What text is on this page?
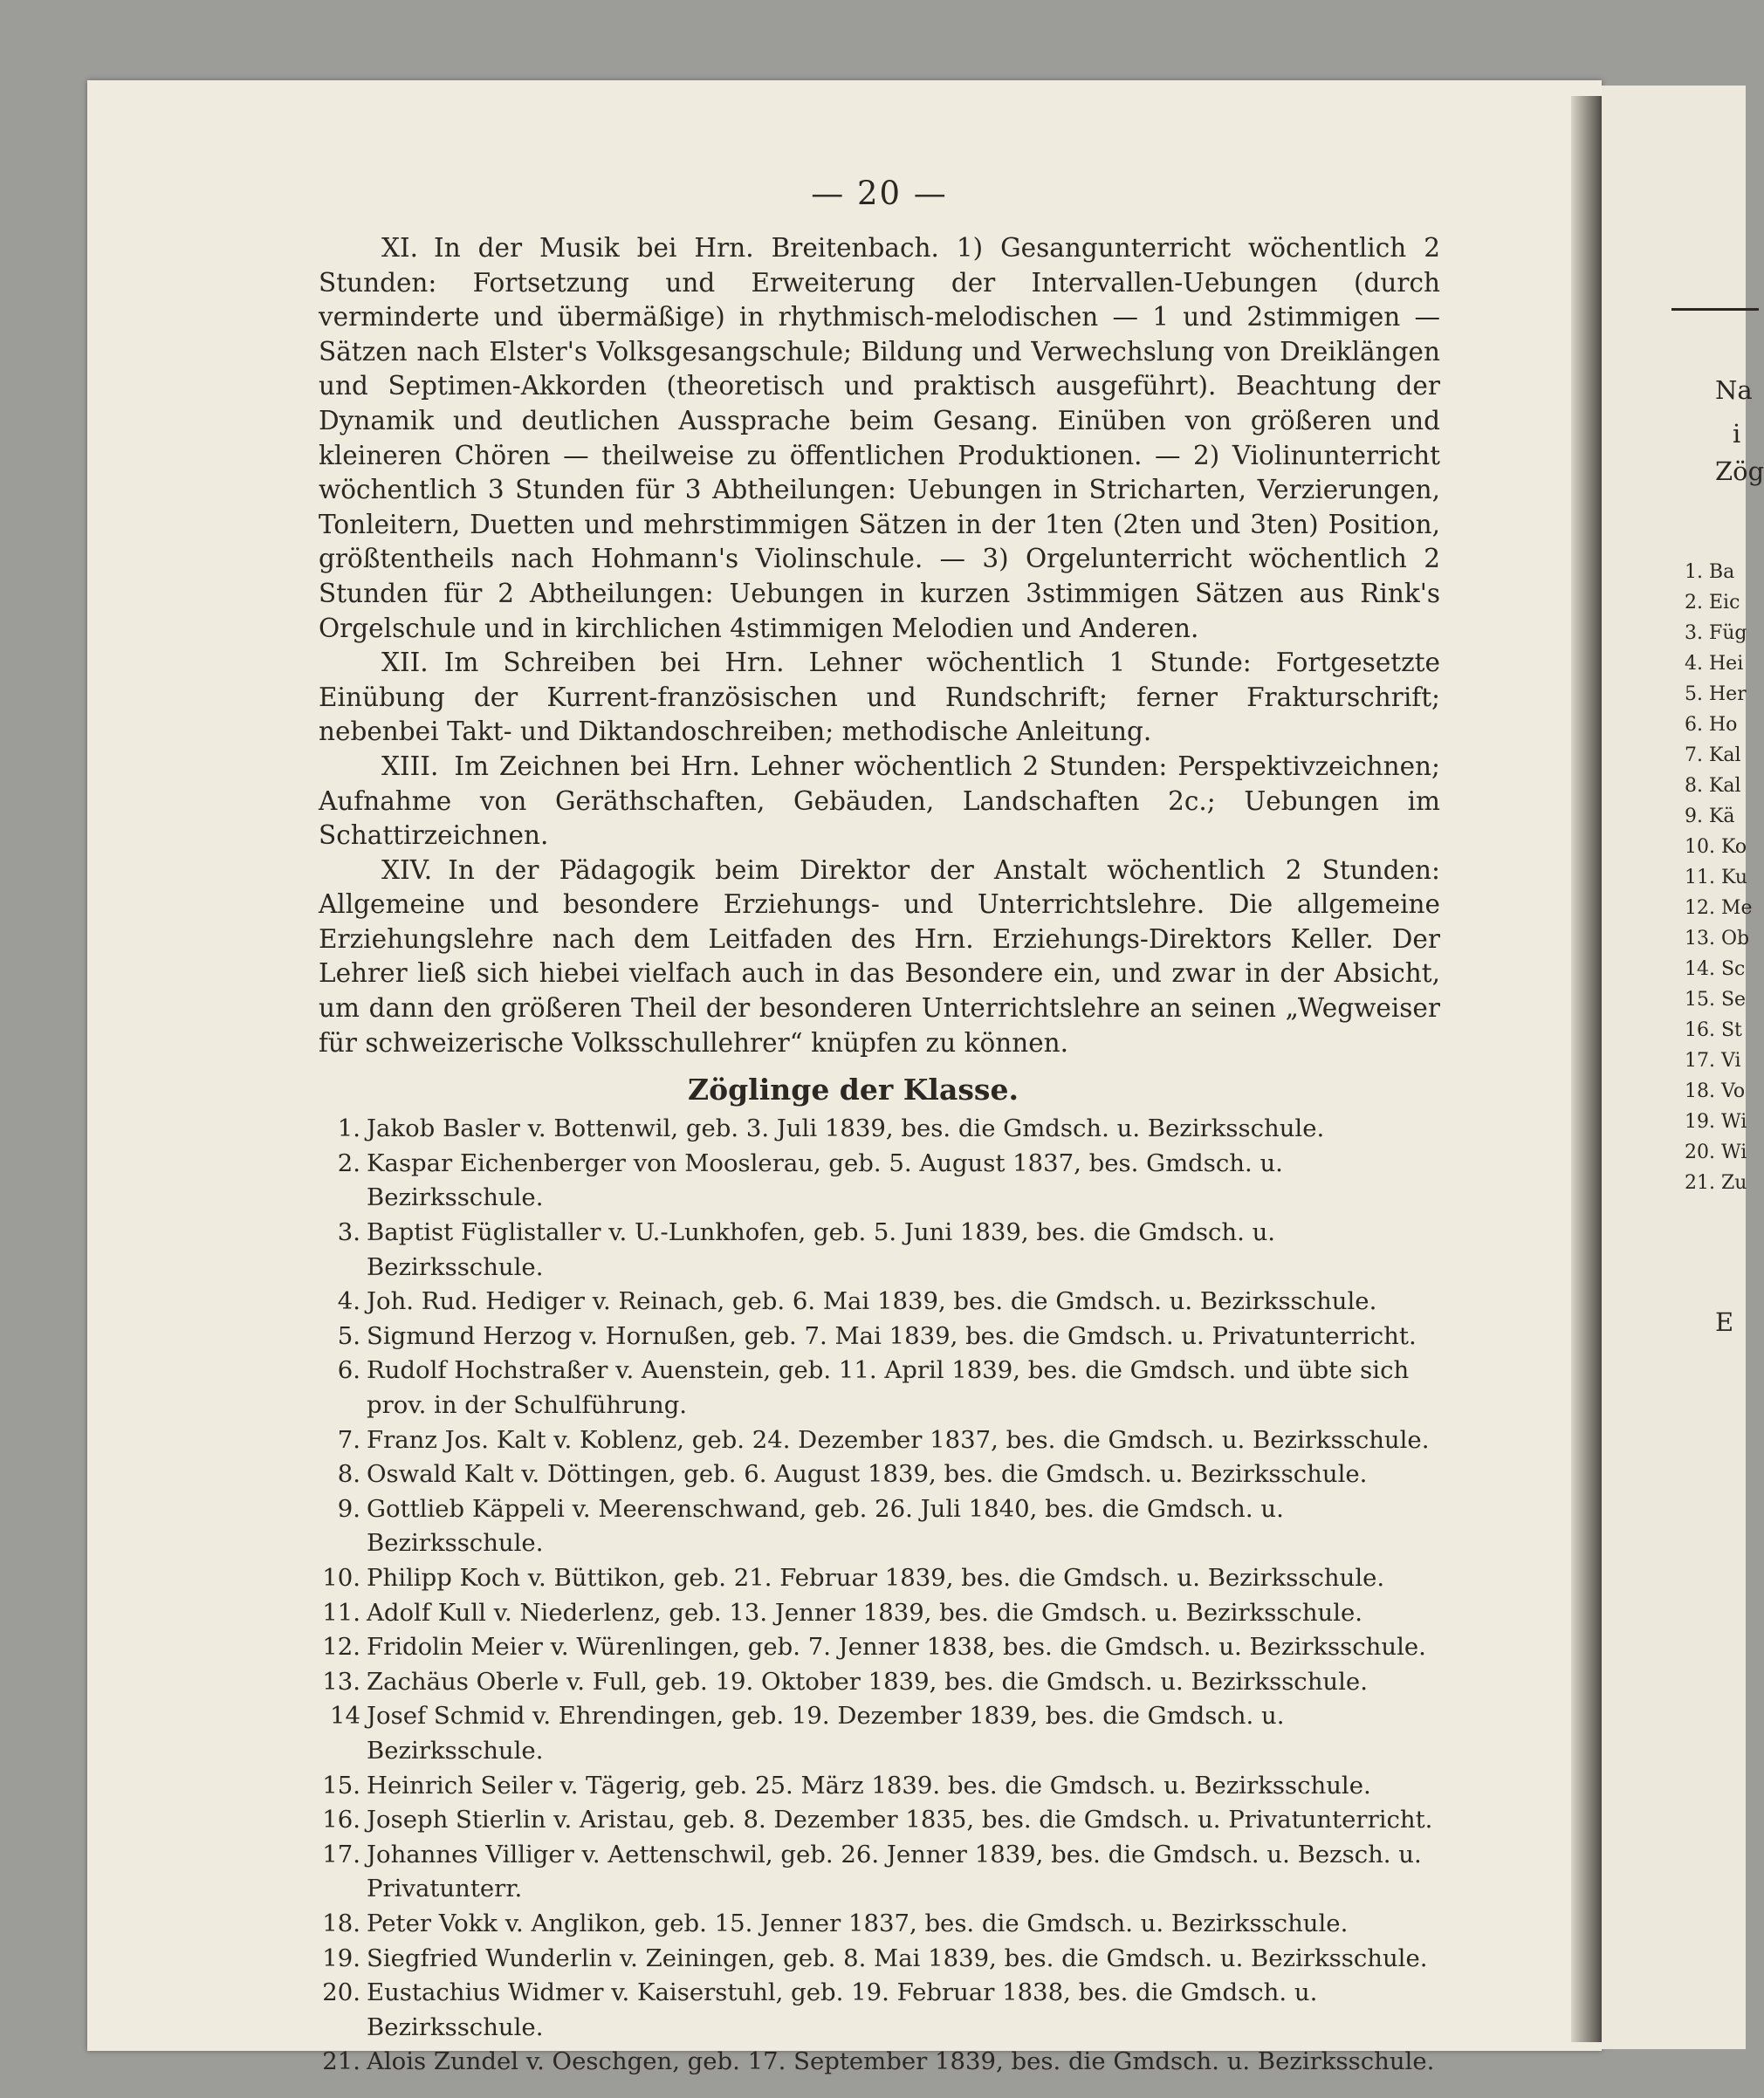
Na
i
Zög
1. Ba
2. Eic
3. Füg
4. Hei
5. Her
6. Ho
7. Kal
8. Kal
9. Kä
10. Ko
11. Ku
12. Me
13. Ob
14. Sc
15. Se
16. St
17. Vi
18. Vo
19. Wi
20. Wi
21. Zu
E
— 20 —

XI. In der Musik bei Hrn. Breitenbach. 1) Gesangunterricht wöchentlich 2 Stunden: Fortsetzung und Erweiterung der Intervallen-Uebungen (durch verminderte und übermäßige) in rhythmisch-melodischen — 1 und 2stimmigen — Sätzen nach Elster's Volksgesangschule; Bildung und Verwechslung von Dreiklängen und Septimen-Akkorden (theoretisch und praktisch ausgeführt). Beachtung der Dynamik und deutlichen Aussprache beim Gesang. Einüben von größeren und kleineren Chören — theilweise zu öffentlichen Produktionen. — 2) Violinunterricht wöchentlich 3 Stunden für 3 Abtheilungen: Uebungen in Stricharten, Verzierungen, Tonleitern, Duetten und mehrstimmigen Sätzen in der 1ten (2ten und 3ten) Position, größtentheils nach Hohmann's Violinschule. — 3) Orgelunterricht wöchentlich 2 Stunden für 2 Abtheilungen: Uebungen in kurzen 3stimmigen Sätzen aus Rink's Orgelschule und in kirchlichen 4stimmigen Melodien und Anderen.

XII. Im Schreiben bei Hrn. Lehner wöchentlich 1 Stunde: Fortgesetzte Einübung der Kurrent-französischen und Rundschrift; ferner Frakturschrift; nebenbei Takt- und Diktandoschreiben; methodische Anleitung.

XIII. Im Zeichnen bei Hrn. Lehner wöchentlich 2 Stunden: Perspektivzeichnen; Aufnahme von Geräthschaften, Gebäuden, Landschaften 2c.; Uebungen im Schattirzeichnen.

XIV. In der Pädagogik beim Direktor der Anstalt wöchentlich 2 Stunden: Allgemeine und besondere Erziehungs- und Unterrichtslehre. Die allgemeine Erziehungslehre nach dem Leitfaden des Hrn. Erziehungs-Direktors Keller. Der Lehrer ließ sich hiebei vielfach auch in das Besondere ein, und zwar in der Absicht, um dann den größeren Theil der besonderen Unterrichtslehre an seinen „Wegweiser für schweizerische Volksschullehrer“ knüpfen zu können.

Zöglinge der Klasse.
1. Jakob Basler v. Bottenwil, geb. 3. Juli 1839, bes. die Gmdsch. u. Bezirksschule.
2. Kaspar Eichenberger von Mooslerau, geb. 5. August 1837, bes. Gmdsch. u. Bezirksschule.
3. Baptist Füglistaller v. U.-Lunkhofen, geb. 5. Juni 1839, bes. die Gmdsch. u. Bezirksschule.
4. Joh. Rud. Hediger v. Reinach, geb. 6. Mai 1839, bes. die Gmdsch. u. Bezirksschule.
5. Sigmund Herzog v. Hornußen, geb. 7. Mai 1839, bes. die Gmdsch. u. Privatunterricht.
6. Rudolf Hochstraßer v. Auenstein, geb. 11. April 1839, bes. die Gmdsch. und übte sich prov. in der Schulführung.
7. Franz Jos. Kalt v. Koblenz, geb. 24. Dezember 1837, bes. die Gmdsch. u. Bezirksschule.
8. Oswald Kalt v. Döttingen, geb. 6. August 1839, bes. die Gmdsch. u. Bezirksschule.
9. Gottlieb Käppeli v. Meerenschwand, geb. 26. Juli 1840, bes. die Gmdsch. u. Bezirksschule.
10. Philipp Koch v. Büttikon, geb. 21. Februar 1839, bes. die Gmdsch. u. Bezirksschule.
11. Adolf Kull v. Niederlenz, geb. 13. Jenner 1839, bes. die Gmdsch. u. Bezirksschule.
12. Fridolin Meier v. Würenlingen, geb. 7. Jenner 1838, bes. die Gmdsch. u. Bezirksschule.
13. Zachäus Oberle v. Full, geb. 19. Oktober 1839, bes. die Gmdsch. u. Bezirksschule.
14 Josef Schmid v. Ehrendingen, geb. 19. Dezember 1839, bes. die Gmdsch. u. Bezirksschule.
15. Heinrich Seiler v. Tägerig, geb. 25. März 1839. bes. die Gmdsch. u. Bezirksschule.
16. Joseph Stierlin v. Aristau, geb. 8. Dezember 1835, bes. die Gmdsch. u. Privatunterricht.
17. Johannes Villiger v. Aettenschwil, geb. 26. Jenner 1839, bes. die Gmdsch. u. Bezsch. u. Privatunterr.
18. Peter Vokk v. Anglikon, geb. 15. Jenner 1837, bes. die Gmdsch. u. Bezirksschule.
19. Siegfried Wunderlin v. Zeiningen, geb. 8. Mai 1839, bes. die Gmdsch. u. Bezirksschule.
20. Eustachius Widmer v. Kaiserstuhl, geb. 19. Februar 1838, bes. die Gmdsch. u. Bezirksschule.
21. Alois Zundel v. Oeschgen, geb. 17. September 1839, bes. die Gmdsch. u. Bezirksschule.
